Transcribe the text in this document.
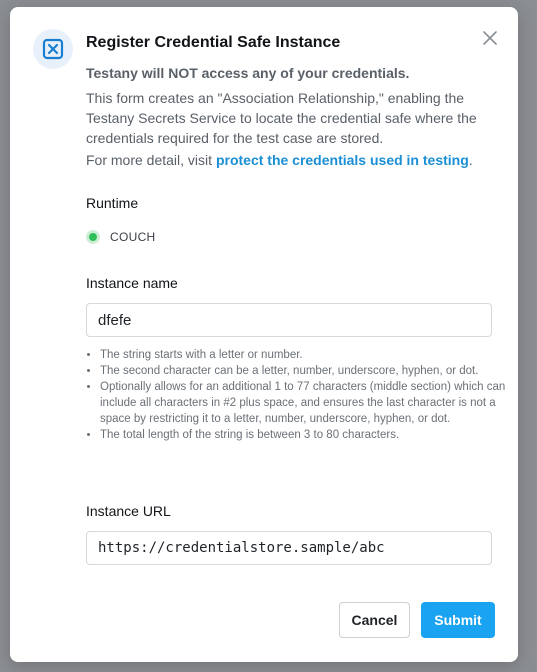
Register Credential Safe Instance
Testany will NOT access any of your credentials.
This form creates an "Association Relationship," enabling the Testany Secrets Service to locate the credential safe where the credentials required for the test case are stored.
For more detail, visit protect the credentials used in testing.
Runtime
COUCH
Instance name
dfefe
• The string starts with a letter or number.
• The second character can be a letter, number, underscore, hyphen, or dot.
• Optionally allows for an additional 1 to 77 characters (middle section) which can include all characters in #2 plus space, and ensures the last character is not a space by restricting it to a letter, number, underscore, hyphen, or dot.
• The total length of the string is between 3 to 80 characters.
Instance URL
https://credentialstore.sample/abc
Cancel	Submit
